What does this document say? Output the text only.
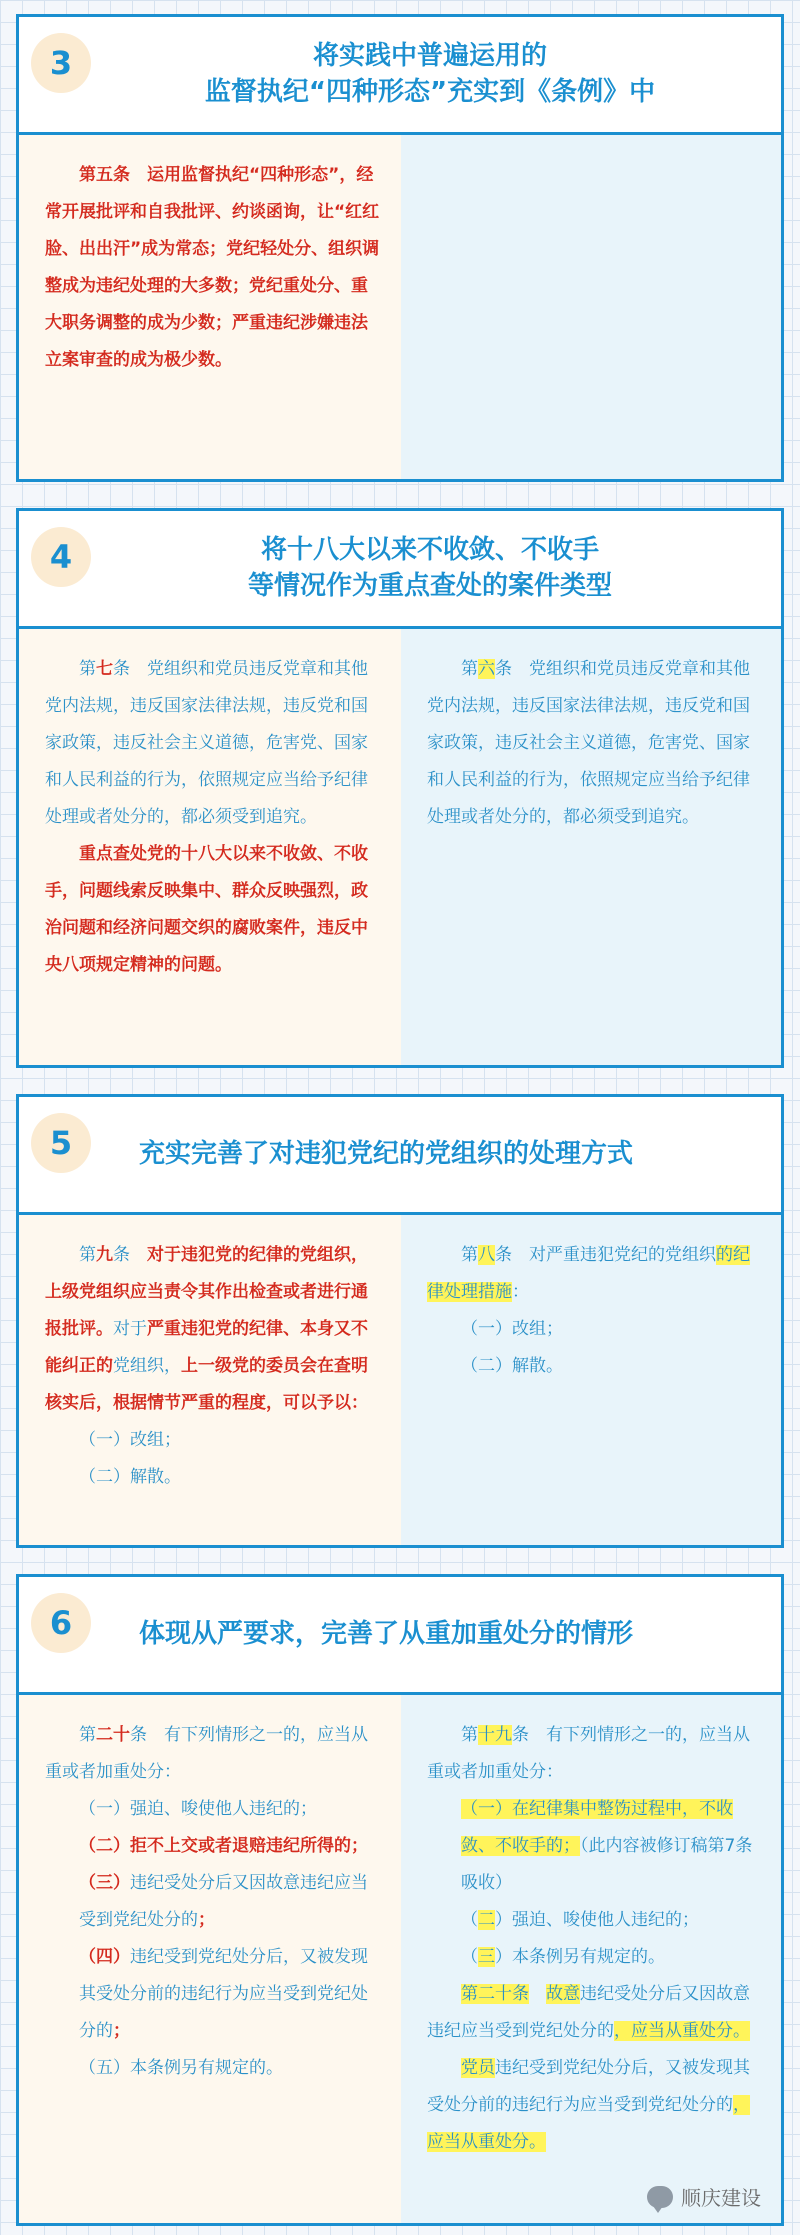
3	将实践中普遍运用的
监督执纪“四种形态”充实到《条例》中

第五条　运用监督执纪“四种形态”，经常开展批评和自我批评、约谈函询，让“红红脸、出出汗”成为常态；党纪轻处分、组织调整成为违纪处理的大多数；党纪重处分、重大职务调整的成为少数；严重违纪涉嫌违法立案审查的成为极少数。

4	将十八大以来不收敛、不收手
等情况作为重点查处的案件类型

第七条　党组织和党员违反党章和其他党内法规，违反国家法律法规，违反党和国家政策，违反社会主义道德，危害党、国家和人民利益的行为，依照规定应当给予纪律处理或者处分的，都必须受到追究。

重点查处党的十八大以来不收敛、不收手，问题线索反映集中、群众反映强烈，政治问题和经济问题交织的腐败案件，违反中央八项规定精神的问题。

第六条　党组织和党员违反党章和其他党内法规，违反国家法律法规，违反党和国家政策，违反社会主义道德，危害党、国家和人民利益的行为，依照规定应当给予纪律处理或者处分的，都必须受到追究。

5	充实完善了对违犯党纪的党组织的处理方式

第九条　对于违犯党的纪律的党组织，上级党组织应当责令其作出检查或者进行通报批评。对于严重违犯党的纪律、本身又不能纠正的党组织，上一级党的委员会在查明核实后，根据情节严重的程度，可以予以：

（一）改组；

（二）解散。

第八条　对严重违犯党纪的党组织的纪律处理措施：

（一）改组；

（二）解散。

6	体现从严要求，完善了从重加重处分的情形

第二十条　有下列情形之一的，应当从重或者加重处分：

（一）强迫、唆使他人违纪的；

（二）拒不上交或者退赔违纪所得的；

（三）违纪受处分后又因故意违纪应当受到党纪处分的；

（四）违纪受到党纪处分后，又被发现其受处分前的违纪行为应当受到党纪处分的；

（五）本条例另有规定的。

第十九条　有下列情形之一的，应当从重或者加重处分：

（一）在纪律集中整饬过程中，不收敛、不收手的；（此内容被修订稿第7条吸收）

（二）强迫、唆使他人违纪的；

（三）本条例另有规定的。

第二十条　 故意违纪受处分后又因故意违纪应当受到党纪处分的，应当从重处分。

党员违纪受到党纪处分后，又被发现其受处分前的违纪行为应当受到党纪处分的，应当从重处分。

顺庆建设
